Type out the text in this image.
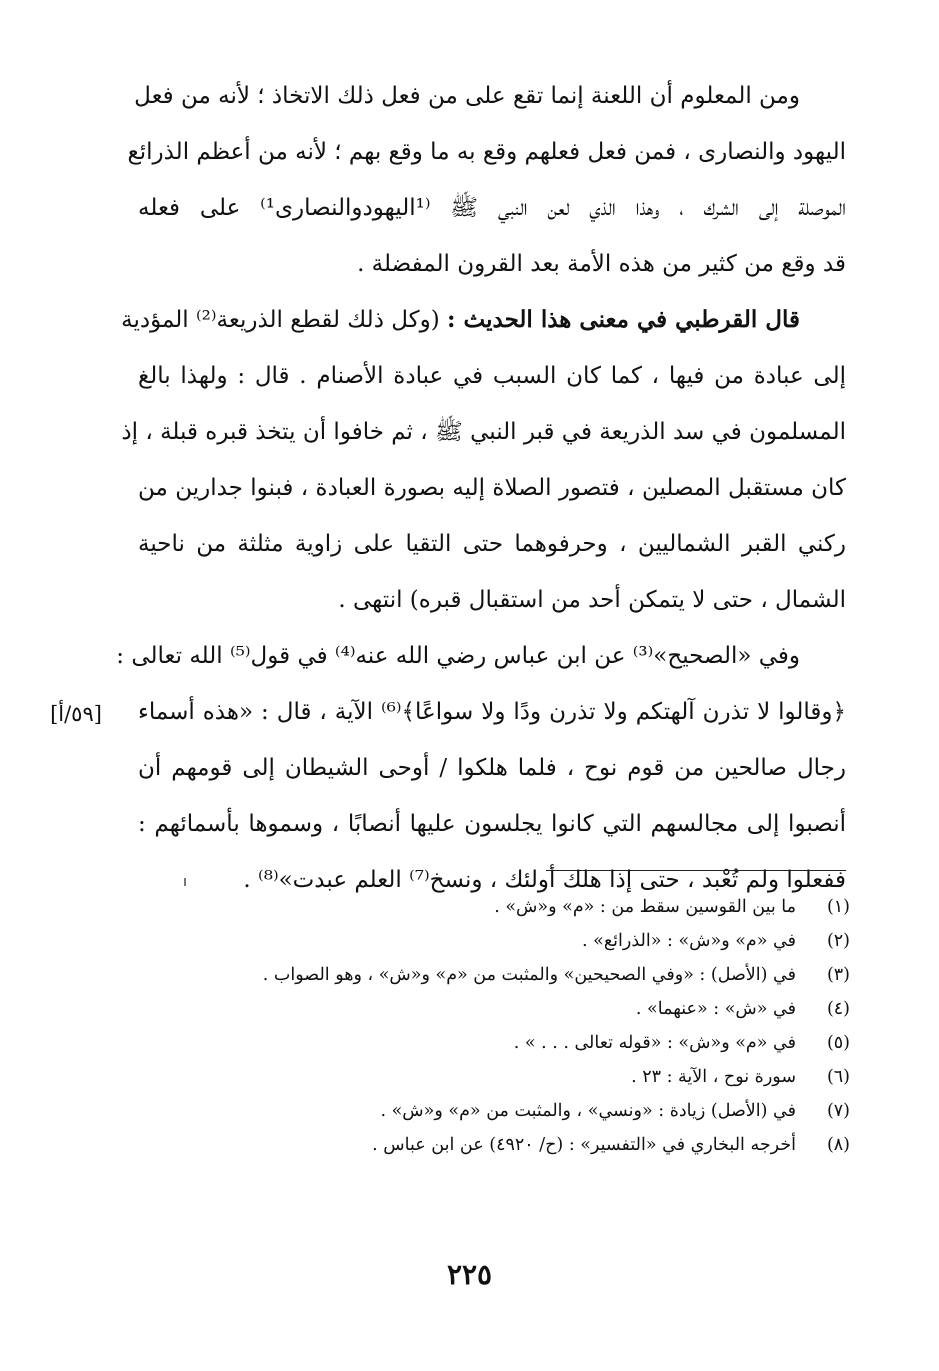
ومن المعلوم أن اللعنة إنما تقع على من فعل ذلك الاتخاذ ؛ لأنه من فعل
اليهود والنصارى ، فمن فعل فعلهم وقع به ما وقع بهم ؛ لأنه من أعظم الذرائع
الموصلة إلى الشرك ، وهذا الذي لعن النبي ﷺ ⁽¹اليهودوالنصارى¹⁾ على فعله
قد وقع من كثير من هذه الأمة بعد القرون المفضلة .
قال القرطبي في معنى هذا الحديث : (وكل ذلك لقطع الذريعة⁽²⁾ المؤدية
إلى عبادة من فيها ، كما كان السبب في عبادة الأصنام . قال : ولهذا بالغ
المسلمون في سد الذريعة في قبر النبي ﷺ ، ثم خافوا أن يتخذ قبره قبلة ، إذ
كان مستقبل المصلين ، فتصور الصلاة إليه بصورة العبادة ، فبنوا جدارين من
ركني القبر الشماليين ، وحرفوهما حتى التقيا على زاوية مثلثة من ناحية
الشمال ، حتى لا يتمكن أحد من استقبال قبره) انتهى .
وفي «الصحيح»⁽³⁾ عن ابن عباس رضي الله عنه⁽⁴⁾ في قول⁽⁵⁾ الله تعالى :
﴿وقالوا لا تذرن آلهتكم ولا تذرن ودًا ولا سواعًا﴾⁽⁶⁾ الآية ، قال : «هذه أسماء
رجال صالحين من قوم نوح ، فلما هلكوا / أوحى الشيطان إلى قومهم أن
أنصبوا إلى مجالسهم التي كانوا يجلسون عليها أنصابًا ، وسموها بأسمائهم :
ففعلوا ولم تُعْبد ، حتى إذا هلك أولئك ، ونسخ⁽⁷⁾ العلم عبدت»⁽⁸⁾ .
[٥٩/أ]
(١)
ما بين القوسين سقط من : «م» و«ش» .
(٢)
في «م» و«ش» : «الذرائع» .
(٣)
في (الأصل) : «وفي الصحيحين» والمثبت من «م» و«ش» ، وهو الصواب .
(٤)
في «ش» : «عنهما» .
(٥)
في «م» و«ش» : «قوله تعالى . . . » .
(٦)
سورة نوح ، الآية : ٢٣ .
(٧)
في (الأصل) زيادة : «ونسي» ، والمثبت من «م» و«ش» .
(٨)
أخرجه البخاري في «التفسير» : (ح/ ٤٩٢٠) عن ابن عباس .
٢٢٥
